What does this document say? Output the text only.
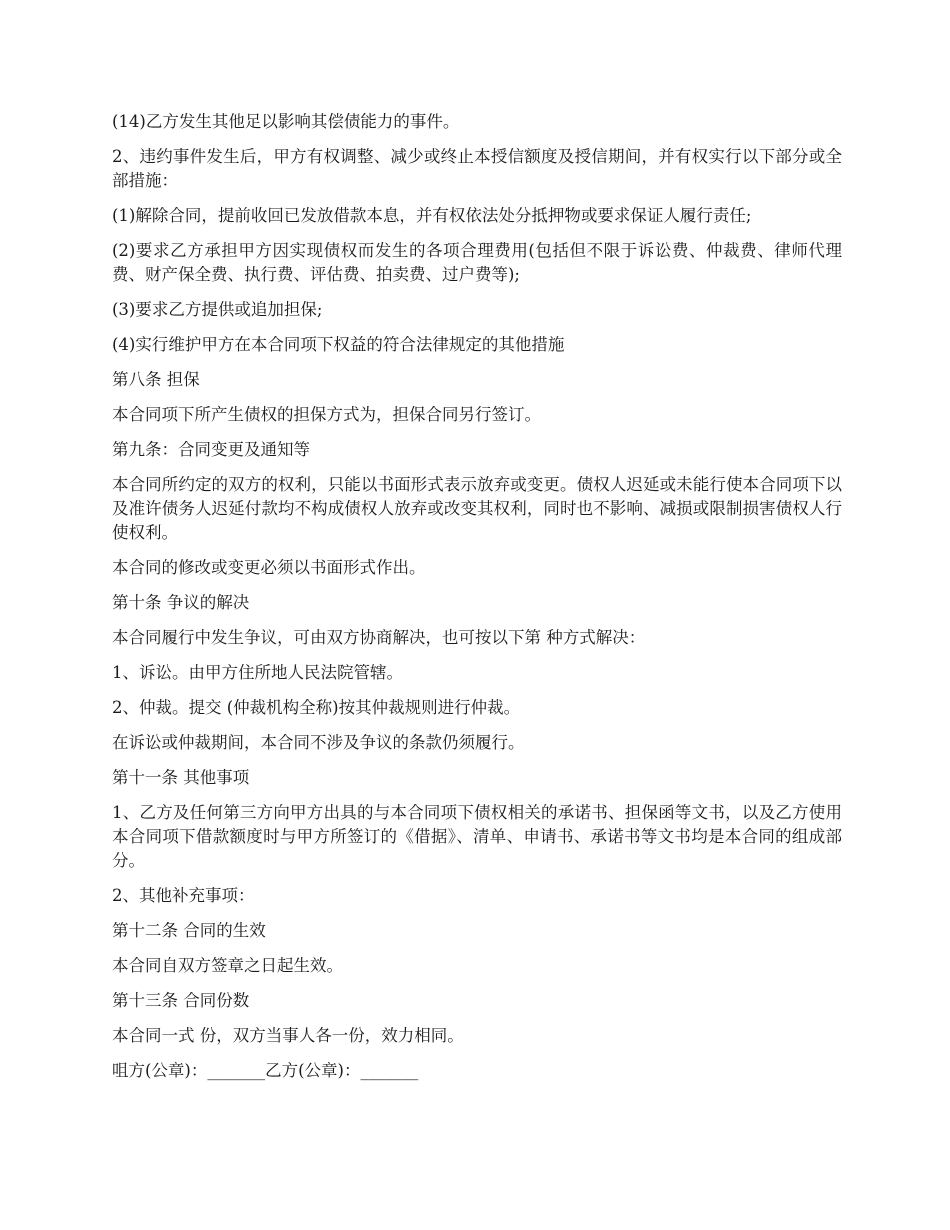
(14)乙方发生其他足以影响其偿债能力的事件。

2、违约事件发生后，甲方有权调整、减少或终止本授信额度及授信期间，并有权实行以下部分或全部措施：

(1)解除合同，提前收回已发放借款本息，并有权依法处分抵押物或要求保证人履行责任;

(2)要求乙方承担甲方因实现债权而发生的各项合理费用(包括但不限于诉讼费、仲裁费、律师代理费、财产保全费、执行费、评估费、拍卖费、过户费等);

(3)要求乙方提供或追加担保;

(4)实行维护甲方在本合同项下权益的符合法律规定的其他措施

第八条 担保

本合同项下所产生债权的担保方式为，担保合同另行签订。

第九条：合同变更及通知等

本合同所约定的双方的权利，只能以书面形式表示放弃或变更。债权人迟延或未能行使本合同项下以及准许债务人迟延付款均不构成债权人放弃或改变其权利，同时也不影响、减损或限制损害债权人行使权利。

本合同的修改或变更必须以书面形式作出。

第十条 争议的解决

本合同履行中发生争议，可由双方协商解决，也可按以下第 种方式解决：

1、诉讼。由甲方住所地人民法院管辖。

2、仲裁。提交 (仲裁机构全称)按其仲裁规则进行仲裁。

在诉讼或仲裁期间，本合同不涉及争议的条款仍须履行。

第十一条 其他事项

1、乙方及任何第三方向甲方出具的与本合同项下债权相关的承诺书、担保函等文书，以及乙方使用本合同项下借款额度时与甲方所签订的《借据》、清单、申请书、承诺书等文书均是本合同的组成部分。

2、其他补充事项：

第十二条 合同的生效

本合同自双方签章之日起生效。

第十三条 合同份数

本合同一式 份，双方当事人各一份，效力相同。

咀方(公章)：_______乙方(公章)：_______
